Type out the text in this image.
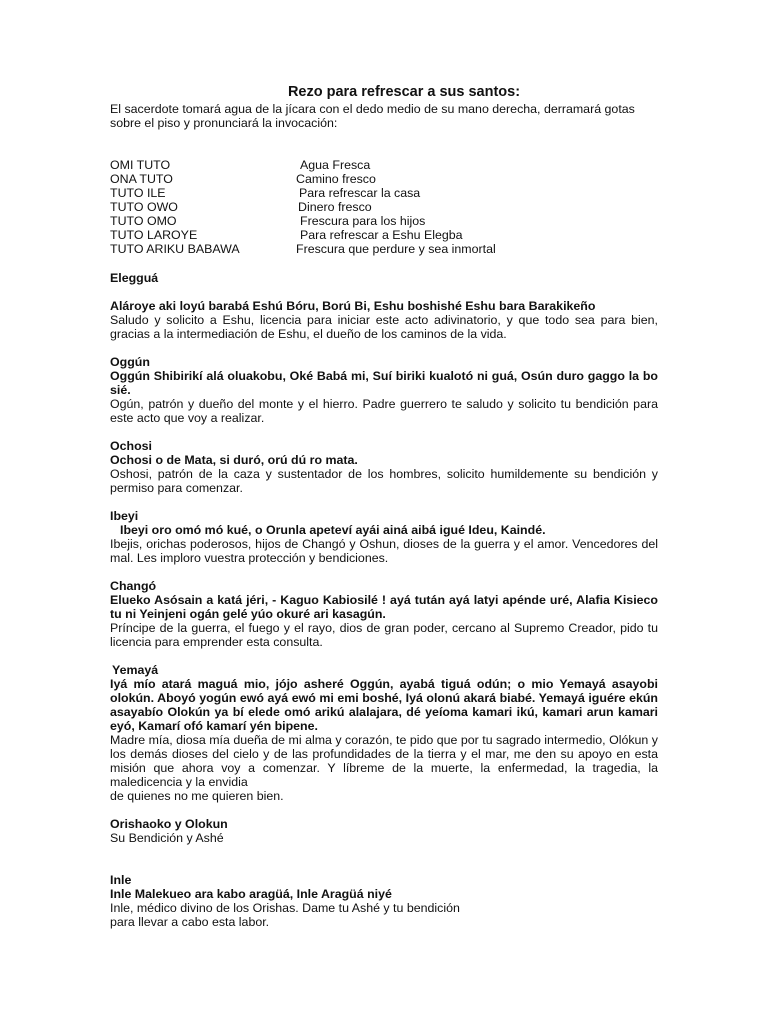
Rezo para refrescar a sus santos:

El sacerdote tomará agua de la jícara con el dedo medio de su mano derecha, derramará gotas sobre el piso y pronunciará la invocación:

OMI TUTO	Agua Fresca
ONA TUTO	Camino fresco
TUTO ILE	Para refrescar la casa
TUTO OWO	Dinero fresco
TUTO OMO	Frescura para los hijos
TUTO LAROYE	Para refrescar a Eshu Elegba
TUTO ARIKU BABAWA	Frescura que perdure y sea inmortal

Elegguá

Alároye aki loyú barabá Eshú Bóru, Ború Bi, Eshu boshishé Eshu bara Barakikeño

Saludo y solicito a Eshu, licencia para iniciar este acto adivinatorio, y que todo sea para bien, gracias a la intermediación de Eshu, el dueño de los caminos de la vida.

Oggún

Oggún Shibirikí alá oluakobu, Oké Babá mi, Suí biriki kualotó ni guá, Osún duro gaggo la bo sié.

Ogún, patrón y dueño del monte y el hierro. Padre guerrero te saludo y solicito tu bendición para este acto que voy a realizar.

Ochosi

Ochosi o de Mata, si duró, orú dú ro mata.

Oshosi, patrón de la caza y sustentador de los hombres, solicito humildemente su bendición y permiso para comenzar.

Ibeyi

Ibeyi oro omó mó kué, o Orunla apeteví ayái ainá aibá igué Ideu, Kaindé.

Ibejis, orichas poderosos, hijos de Changó y Oshun, dioses de la guerra y el amor. Vencedores del mal. Les imploro vuestra protección y bendiciones.

Changó

Elueko Asósain a katá jéri, - Kaguo Kabiosilé ! ayá tután ayá latyi apénde uré, Alafia Kisieco tu ni Yeinjeni ogán gelé yúo okuré ari kasagún.

Príncipe de la guerra, el fuego y el rayo, dios de gran poder, cercano al Supremo Creador, pido tu licencia para emprender esta consulta.

Yemayá

Iyá mío atará maguá mio, jójo asheré Oggún, ayabá tiguá odún; o mio Yemayá asayobi olokún. Aboyó yogún ewó ayá ewó mi emi boshé, Iyá olonú akará biabé. Yemayá iguére ekún asayabío Olokún ya bí elede omó arikú alalajara, dé yeíoma kamari ikú, kamari arun kamari eyó, Kamarí ofó kamarí yén bipene.

Madre mía, diosa mía dueña de mi alma y corazón, te pido que por tu sagrado intermedio, Olókun y los demás dioses del cielo y de las profundidades de la tierra y el mar, me den su apoyo en esta misión que ahora voy a comenzar. Y líbreme de la muerte, la enfermedad, la tragedia, la maledicencia y la envidia

de quienes no me quieren bien.

Orishaoko y Olokun

Su Bendición y Ashé

Inle

Inle Malekueo ara kabo aragüá, Inle Aragüá niyé

Inle, médico divino de los Orishas. Dame tu Ashé y tu bendición

para llevar a cabo esta labor.
